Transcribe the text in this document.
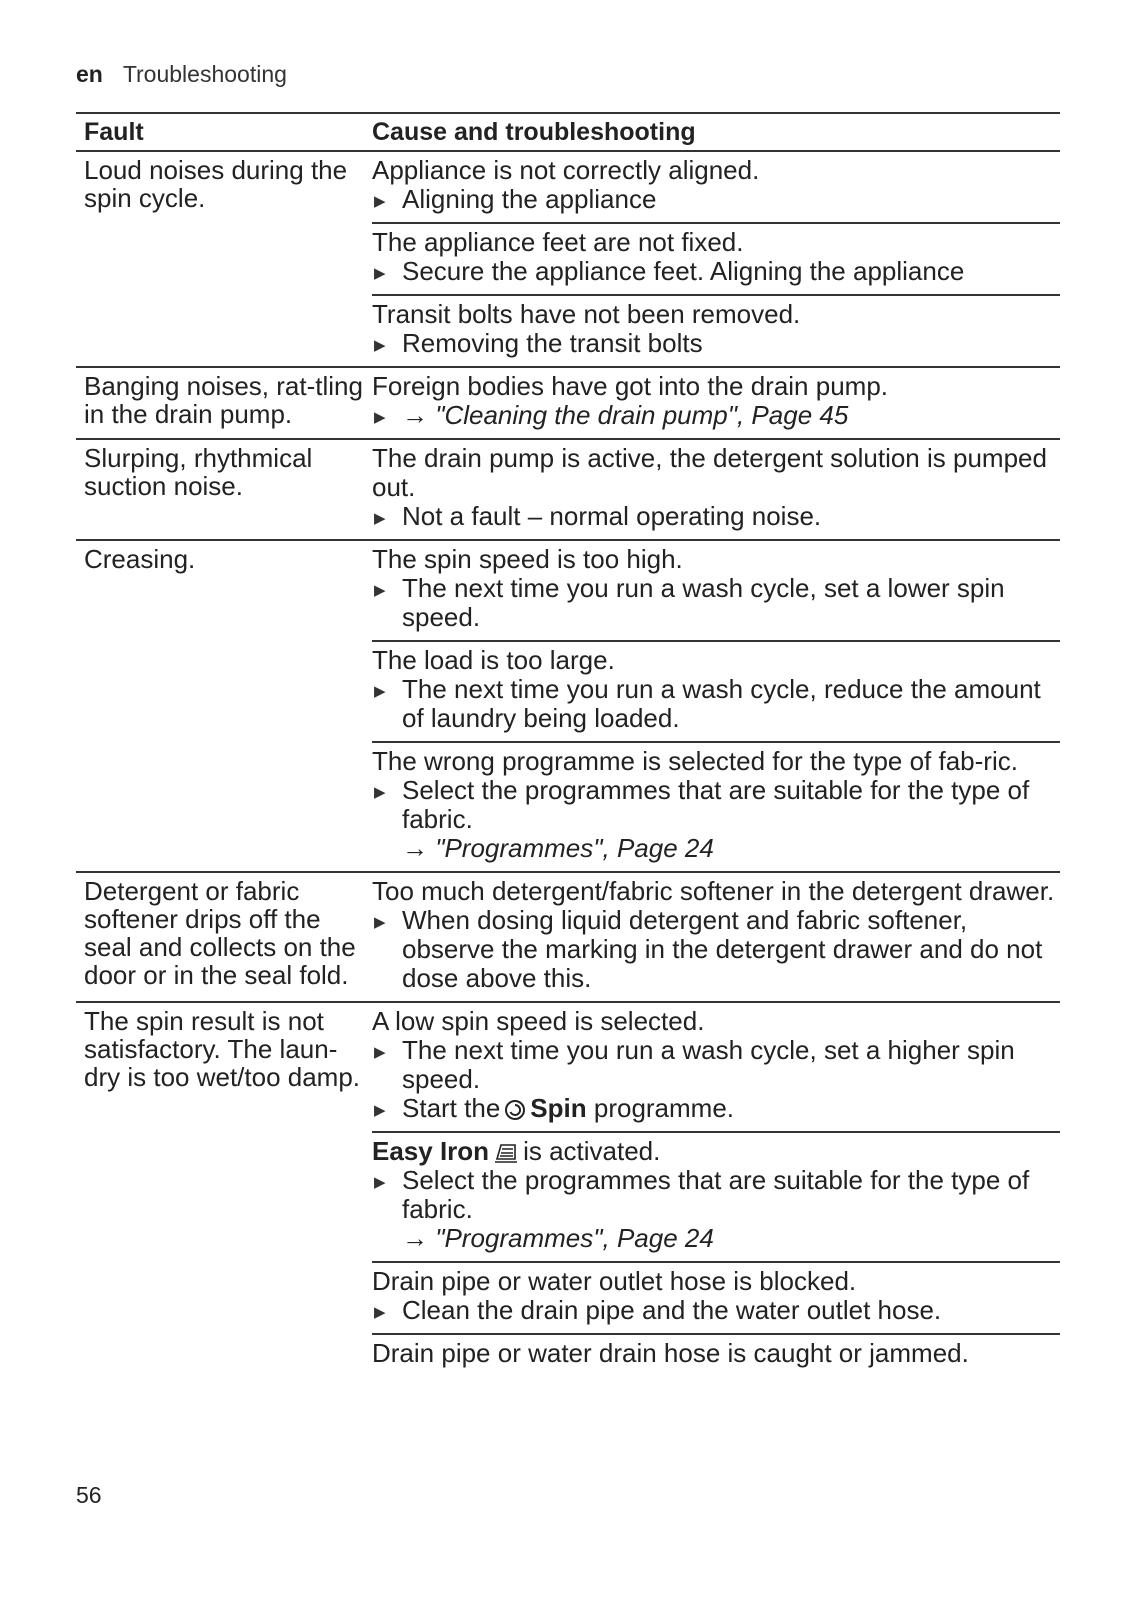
en Troubleshooting
Fault	Cause and troubleshooting
Loud noises during the spin cycle.
Appliance is not correctly aligned.
▶ Aligning the appliance
The appliance feet are not fixed.
▶ Secure the appliance feet. Aligning the appliance
Transit bolts have not been removed.
▶ Removing the transit bolts
Banging noises, rat-tling in the drain pump.
Foreign bodies have got into the drain pump.
▶ → "Cleaning the drain pump", Page 45
Slurping, rhythmical suction noise.
The drain pump is active, the detergent solution is pumped out.
▶ Not a fault – normal operating noise.
Creasing.	The spin speed is too high.
▶ The next time you run a wash cycle, set a lower spin speed.
The load is too large.
▶ The next time you run a wash cycle, reduce the amount of laundry being loaded.
The wrong programme is selected for the type of fab-ric.
▶ Select the programmes that are suitable for the type of fabric.
→ "Programmes", Page 24
Detergent or fabric softener drips off the seal and collects on the door or in the seal fold.
Too much detergent/fabric softener in the detergent drawer.
▶ When dosing liquid detergent and fabric softener, observe the marking in the detergent drawer and do not dose above this.
The spin result is not satisfactory. The laun-dry is too wet/too damp.
A low spin speed is selected.
▶ The next time you run a wash cycle, set a higher spin speed.
▶ Start the Spin programme.
Easy Iron is activated.
▶ Select the programmes that are suitable for the type of fabric.
→ "Programmes", Page 24
Drain pipe or water outlet hose is blocked.
▶ Clean the drain pipe and the water outlet hose.
Drain pipe or water drain hose is caught or jammed.
56
